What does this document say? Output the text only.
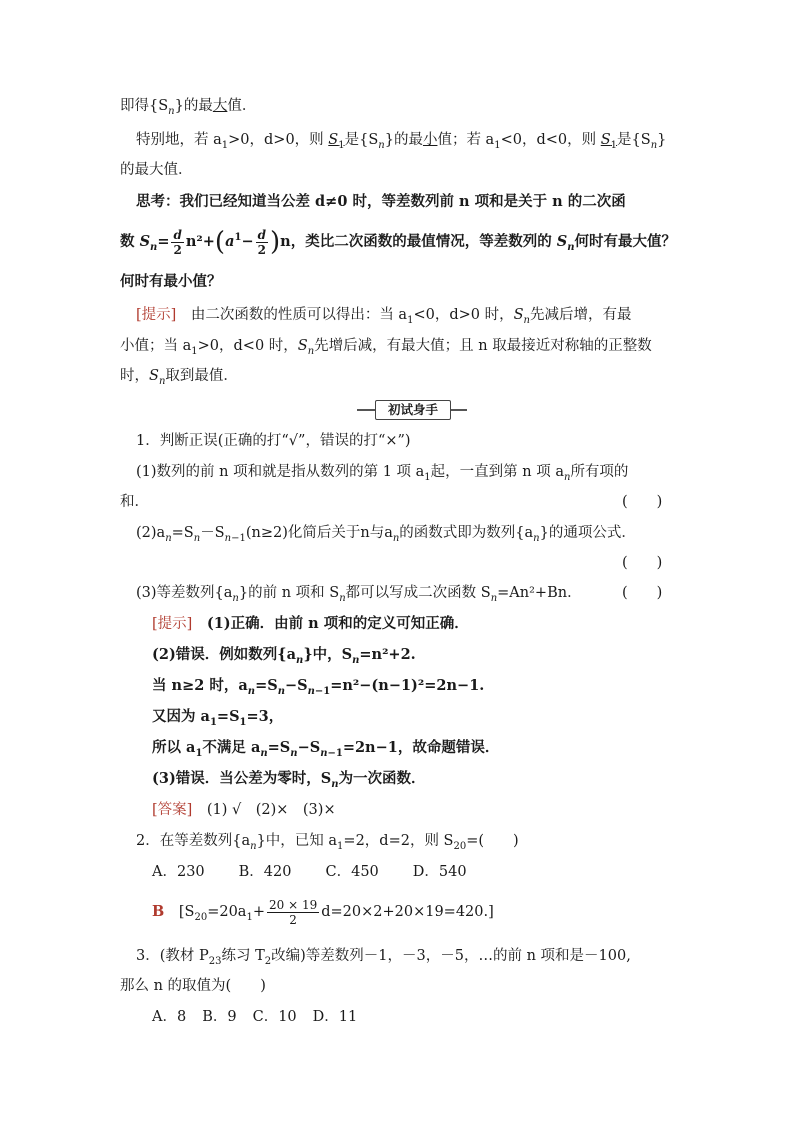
即得$\{S_n\}$的最大值．
特别地，若 $a_1>0$，d>0，则 $S_1$是$\{S_n\}$的最小值；若 $a_1<0$，d<0，则 $S_1$是$\{S_n\}$
的最大值．
思考：我们已经知道当公差 d≠0 时，等差数列前 n 项和是关于 n 的二次函
数 $S_n= \frac{d}{2} n^2+(a^1- \frac{d}{2} )n$，类比二次函数的最值情况，等差数列的 $S_n$何时有最大值？
何时有最小值？
[提示]　 由二次函数的性质可以得出：当 $a_1<0$，d>0 时，$S_n$先减后增，有最
小值；当 $a_1>0$，d<0 时，$S_n$先增后减，有最大值；且 n 取最接近对称轴的正整数
时，$S_n$取到最值．
初试身手
1．判断正误(正确的打“√”，错误的打“×”)
(1)数列的前 n 项和就是指从数列的第 1 项 $a_1$起，一直到第 n 项 $a_n$所有项的
和．	(　　)
$(2)a_n=S_n-S_{n-1}(n\ge 2)$化简后关于n与$a_n$的函数式即为数列$\{a_n\}$的通项公式．
(　　)
(3)等差数列$\{a_n\}$的前 n 项和 $S_n$都可以写成二次函数 $S_n=An^2+Bn$．	(　　)
[提示]　 (1)正确．由前 n 项和的定义可知正确．
(2)错误．例如数列$\{a_n\}$中，$S_n=n^2+2$.
当 n≥2 时，$a_n=S_n-S_{n-1}=n^2-(n-1)^2=2n-1$.
又因为 $a_1=S_1=3$，
所以 $a_1$不满足 $a_n=S_n-S_{n-1}=2n-1$，故命题错误．
(3)错误．当公差为零时，$S_n$为一次函数．
[答案]　 (1) √　(2)×　(3)×
2．在等差数列$\{a_n\}$中，已知 $a_1=2$，d=2，则 $S_{20}=$(　　)
A．230 B．420 C．450 D．540
B $[S_{20}=20a_1+ \frac{20 \times 19}{2} d=20\times 2+20\times 19=420.]$
3．(教材 $P_{23}$练习 $T_2$改编)等差数列－1，－3，－5，…的前 n 项和是－100,
那么 n 的取值为(　　)
A．8 B．9 C．10 D．11
